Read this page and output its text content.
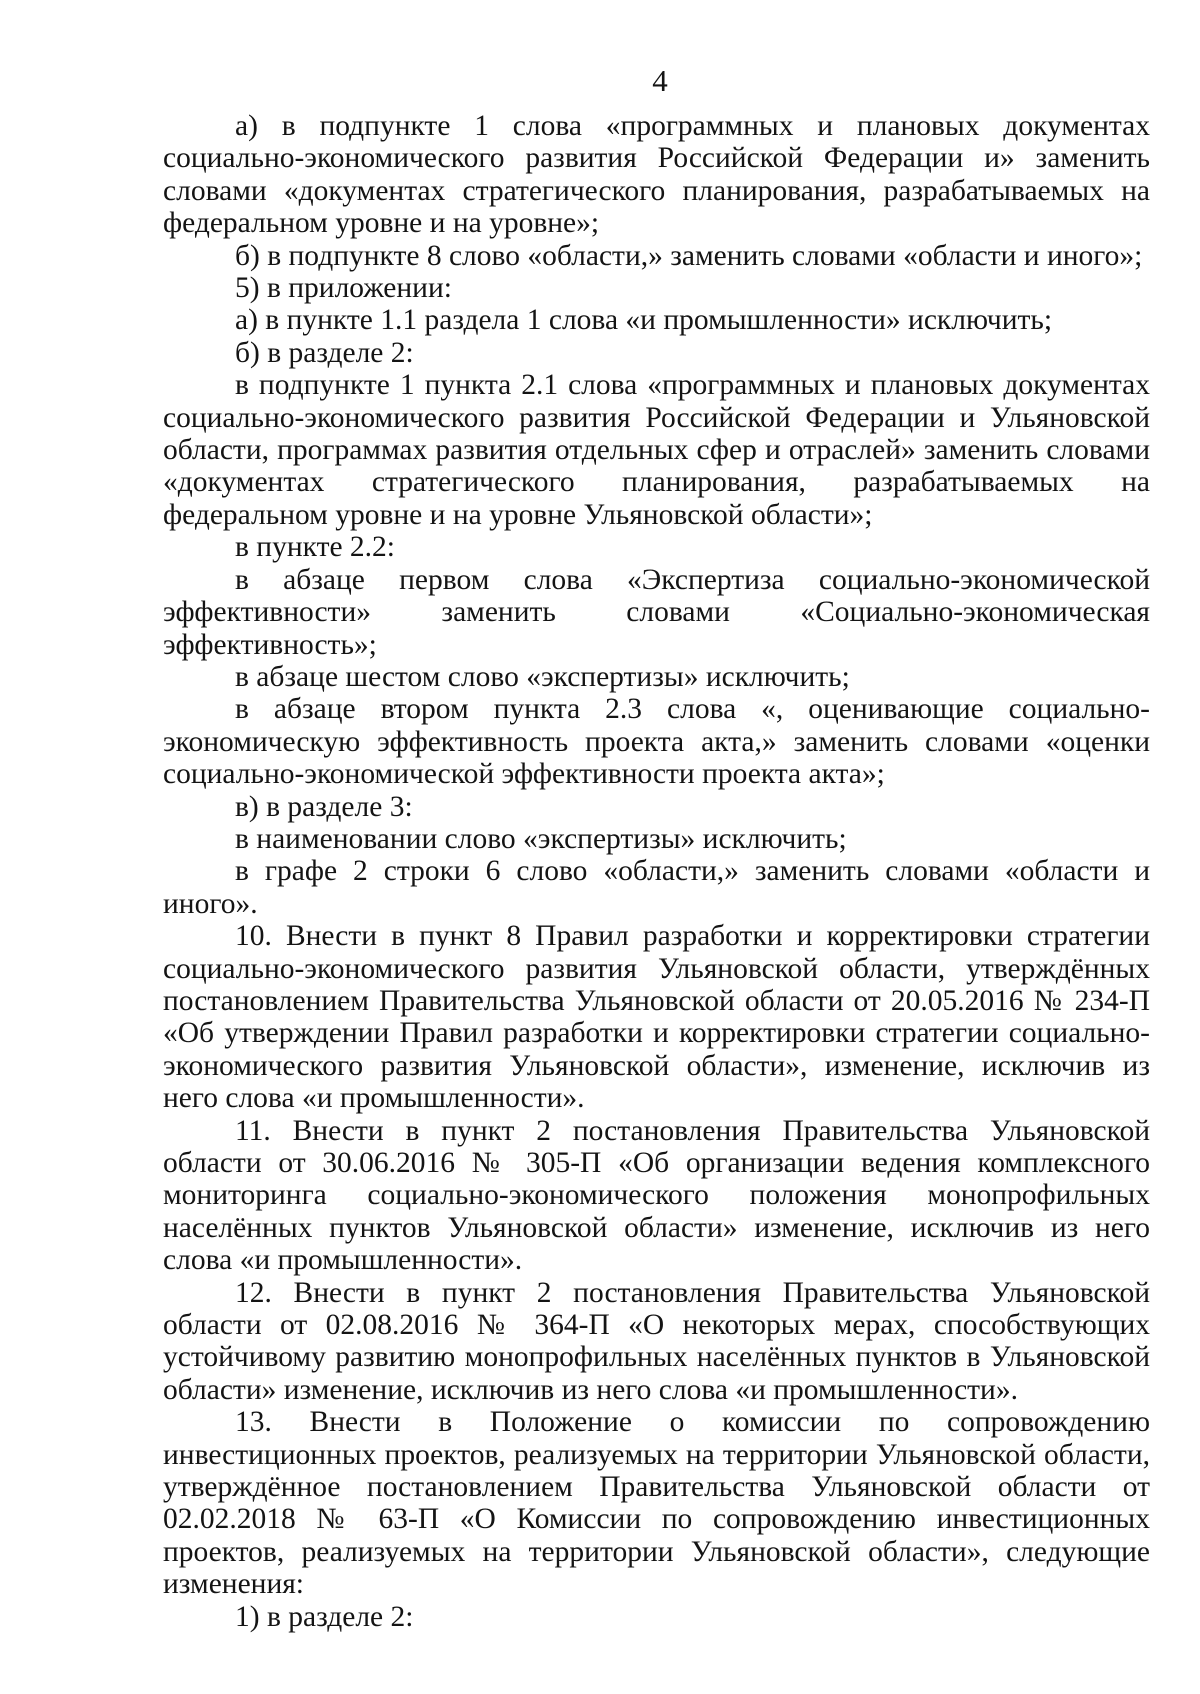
4

а) в подпункте 1 слова «программных и плановых документах социально-экономического развития Российской Федерации и» заменить словами «документах стратегического планирования, разрабатываемых на федеральном уровне и на уровне»;

б) в подпункте 8 слово «области,» заменить словами «области и иного»;

5) в приложении:

а) в пункте 1.1 раздела 1 слова «и промышленности» исключить;

б) в разделе 2:

в подпункте 1 пункта 2.1 слова «программных и плановых документах социально-экономического развития Российской Федерации и Ульяновской области, программах развития отдельных сфер и отраслей» заменить словами «документах стратегического планирования, разрабатываемых на федеральном уровне и на уровне Ульяновской области»;

в пункте 2.2:

в абзаце первом слова «Экспертиза социально-экономической эффективности» заменить словами «Социально-экономическая эффективность»;

в абзаце шестом слово «экспертизы» исключить;

в абзаце втором пункта 2.3 слова «, оценивающие социально-экономическую эффективность проекта акта,» заменить словами «оценки социально-экономической эффективности проекта акта»;

в) в разделе 3:

в наименовании слово «экспертизы» исключить;

в графе 2 строки 6 слово «области,» заменить словами «области и иного».

10. Внести в пункт 8 Правил разработки и корректировки стратегии социально-экономического развития Ульяновской области, утверждённых постановлением Правительства Ульяновской области от 20.05.2016 № 234-П «Об утверждении Правил разработки и корректировки стратегии социально-экономического развития Ульяновской области», изменение, исключив из него слова «и промышленности».

11. Внести в пункт 2 постановления Правительства Ульяновской области от 30.06.2016 № 305-П «Об организации ведения комплексного мониторинга социально-экономического положения монопрофильных населённых пунктов Ульяновской области» изменение, исключив из него слова «и промышленности».

12. Внести в пункт 2 постановления Правительства Ульяновской области от 02.08.2016 № 364-П «О некоторых мерах, способствующих устойчивому развитию монопрофильных населённых пунктов в Ульяновской области» изменение, исключив из него слова «и промышленности».

13. Внести в Положение о комиссии по сопровождению инвестиционных проектов, реализуемых на территории Ульяновской области, утверждённое постановлением Правительства Ульяновской области от 02.02.2018 № 63-П «О Комиссии по сопровождению инвестиционных проектов, реализуемых на территории Ульяновской области», следующие изменения:

1) в разделе 2:
